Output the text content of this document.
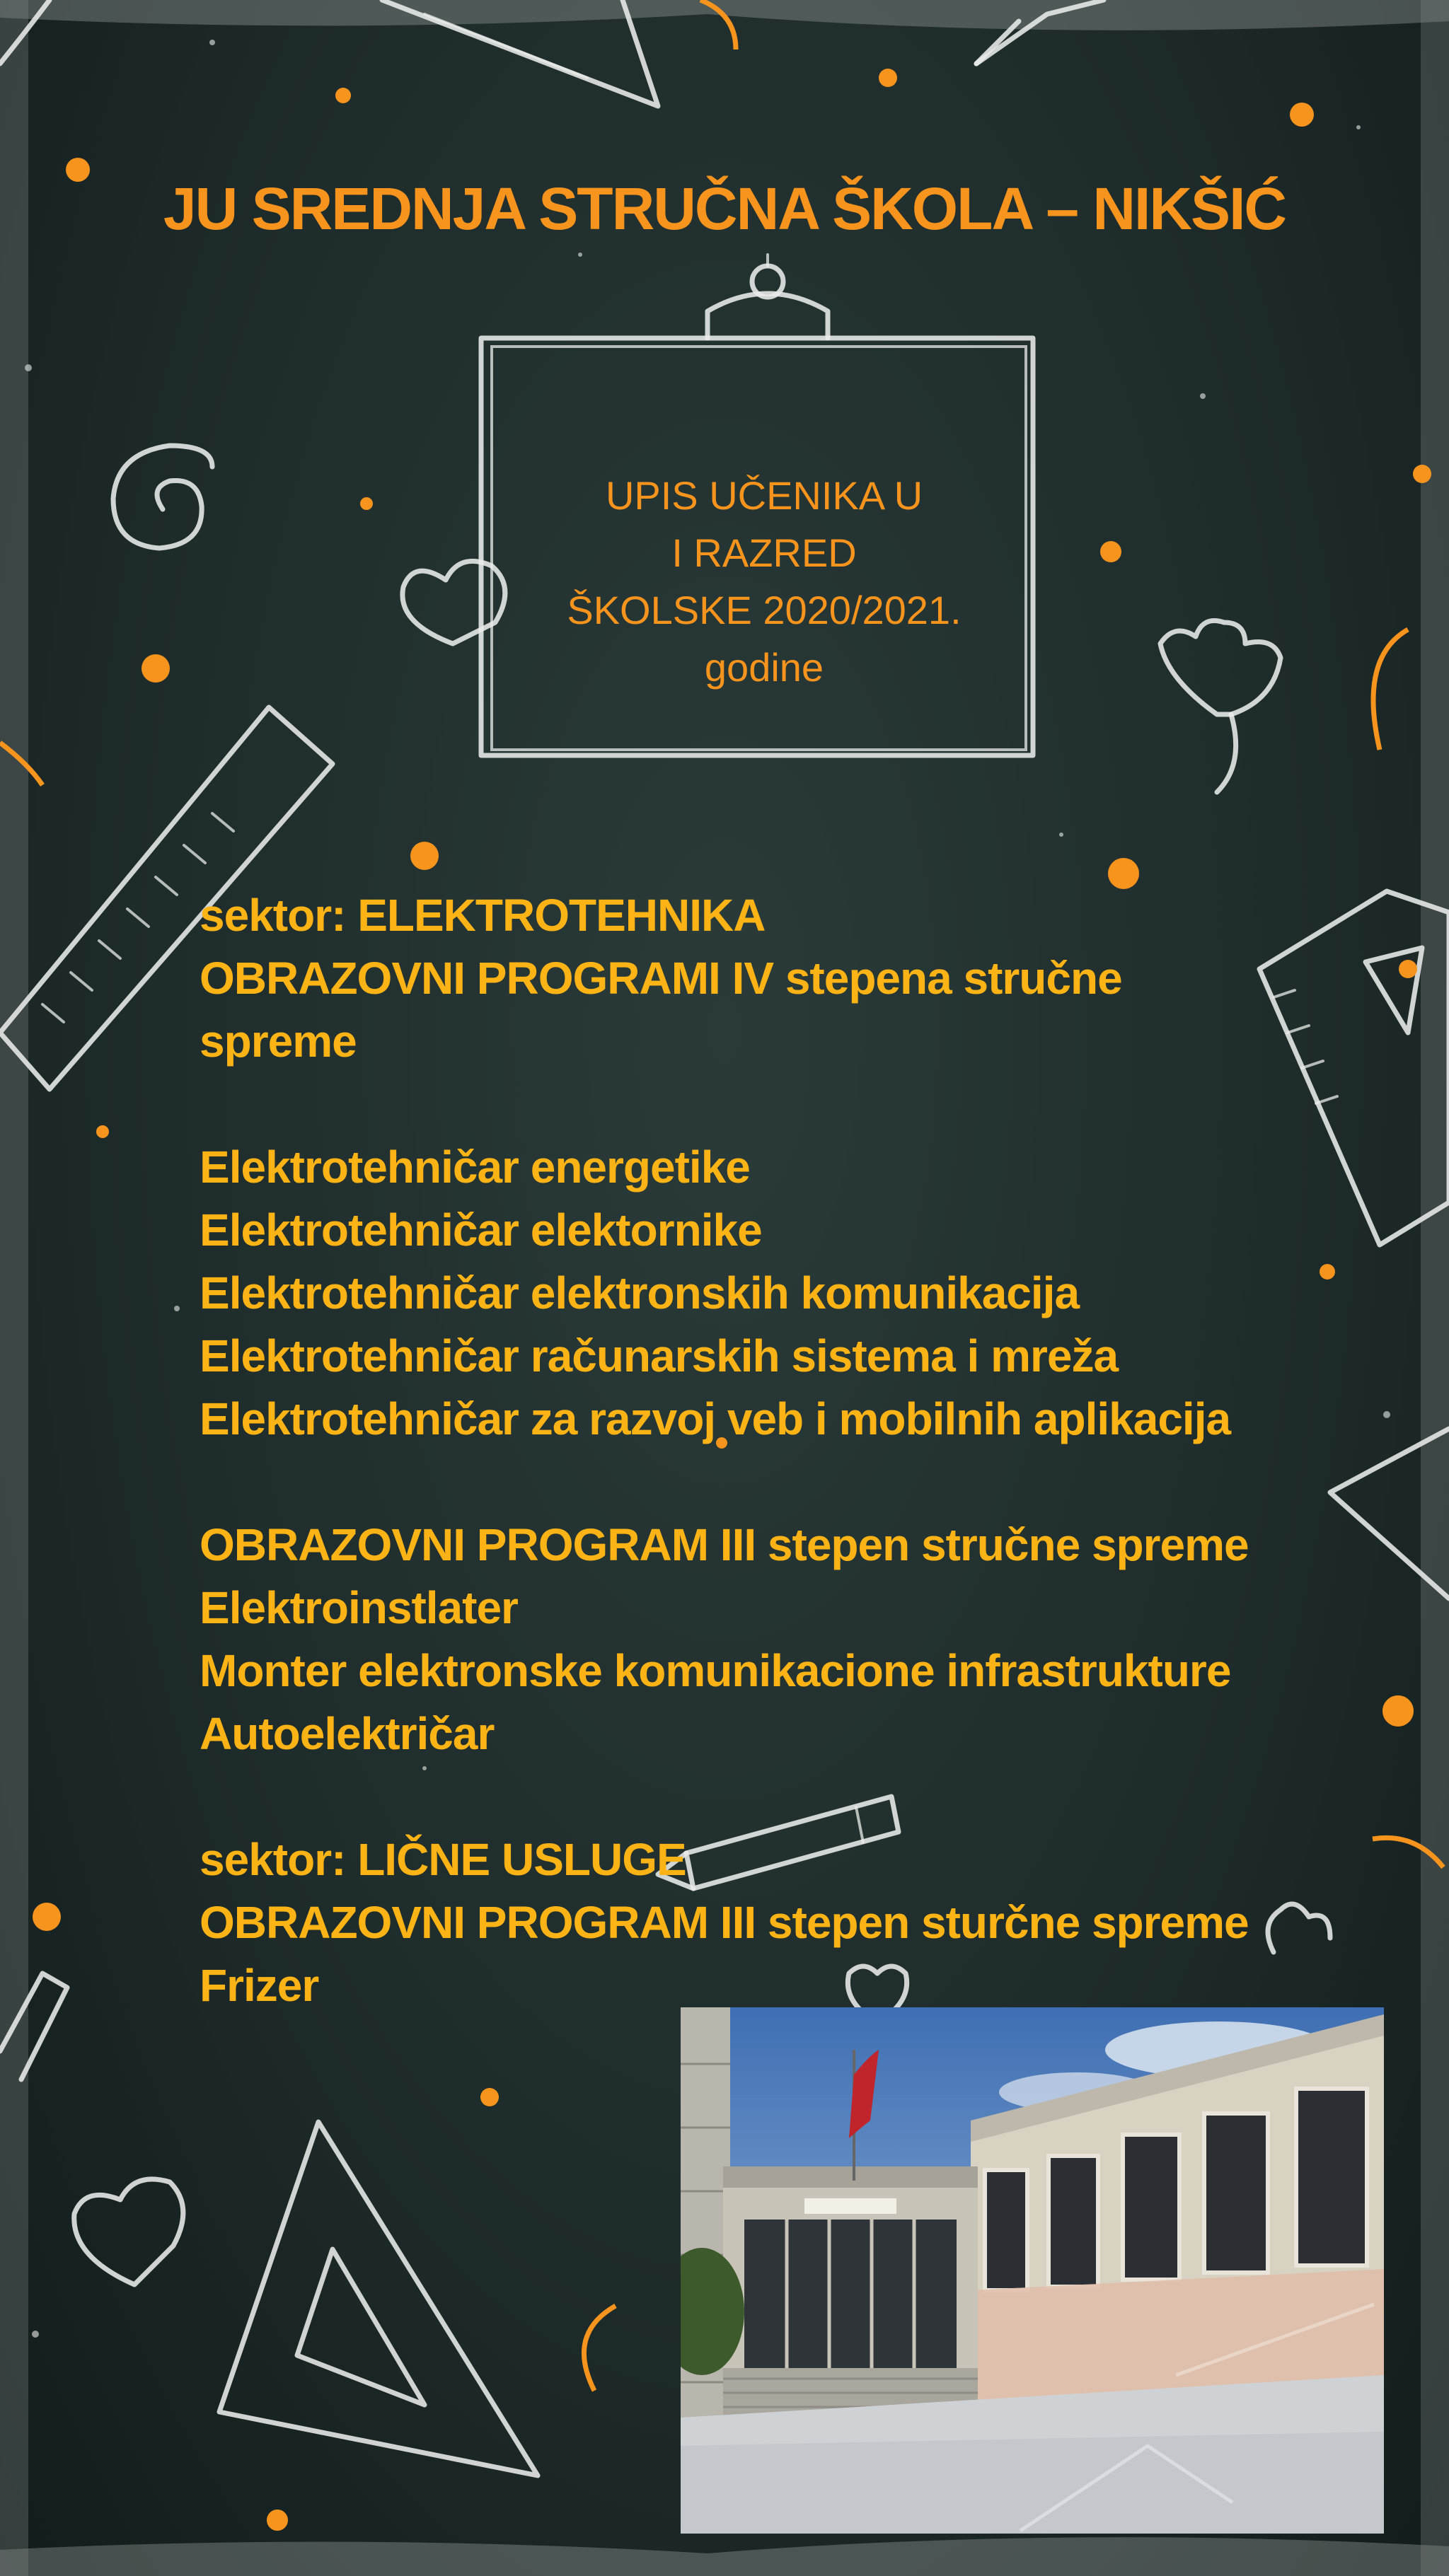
JU SREDNJA STRUČNA ŠKOLA – NIKŠIĆ
UPIS UČENIKA U
I RAZRED
ŠKOLSKE 2020/2021.
godine
sektor: ELEKTROTEHNIKA
OBRAZOVNI PROGRAMI IV stepena stručne
spreme
Elektrotehničar energetike
Elektrotehničar elektornike
Elektrotehničar elektronskih komunikacija
Elektrotehničar računarskih sistema i mreža
Elektrotehničar za razvoj veb i mobilnih aplikacija
OBRAZOVNI PROGRAM III stepen stručne spreme
Elektroinstlater
Monter elektronske komunikacione infrastrukture
Autoelektričar
sektor: LIČNE USLUGE
OBRAZOVNI PROGRAM III stepen sturčne spreme
Frizer
